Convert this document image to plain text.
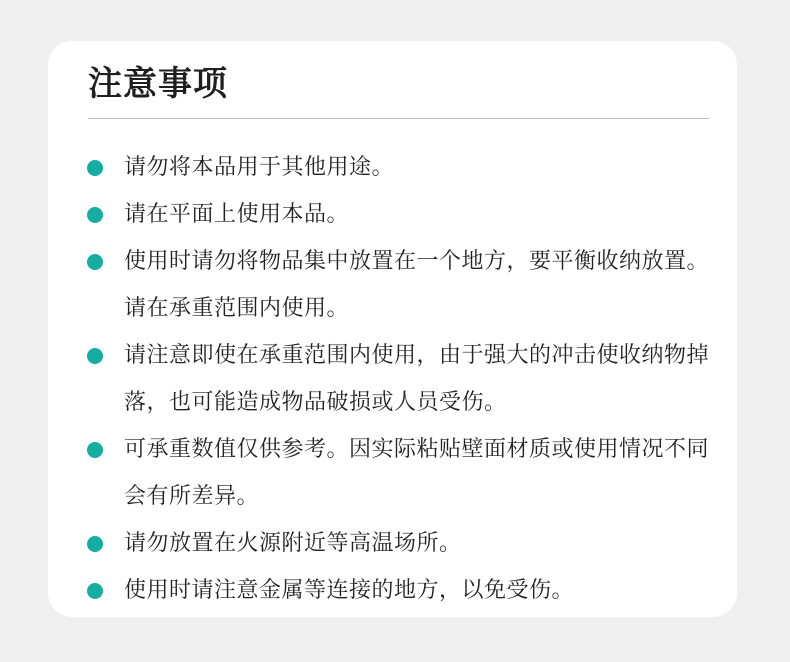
注意事项
请勿将本品用于其他用途。
请在平面上使用本品。
使用时请勿将物品集中放置在一个地方，要平衡收纳放置。请在承重范围内使用。
请注意即使在承重范围内使用，由于强大的冲击使收纳物掉落，也可能造成物品破损或人员受伤。
可承重数值仅供参考。因实际粘贴壁面材质或使用情况不同会有所差异。
请勿放置在火源附近等高温场所。
使用时请注意金属等连接的地方，以免受伤。
